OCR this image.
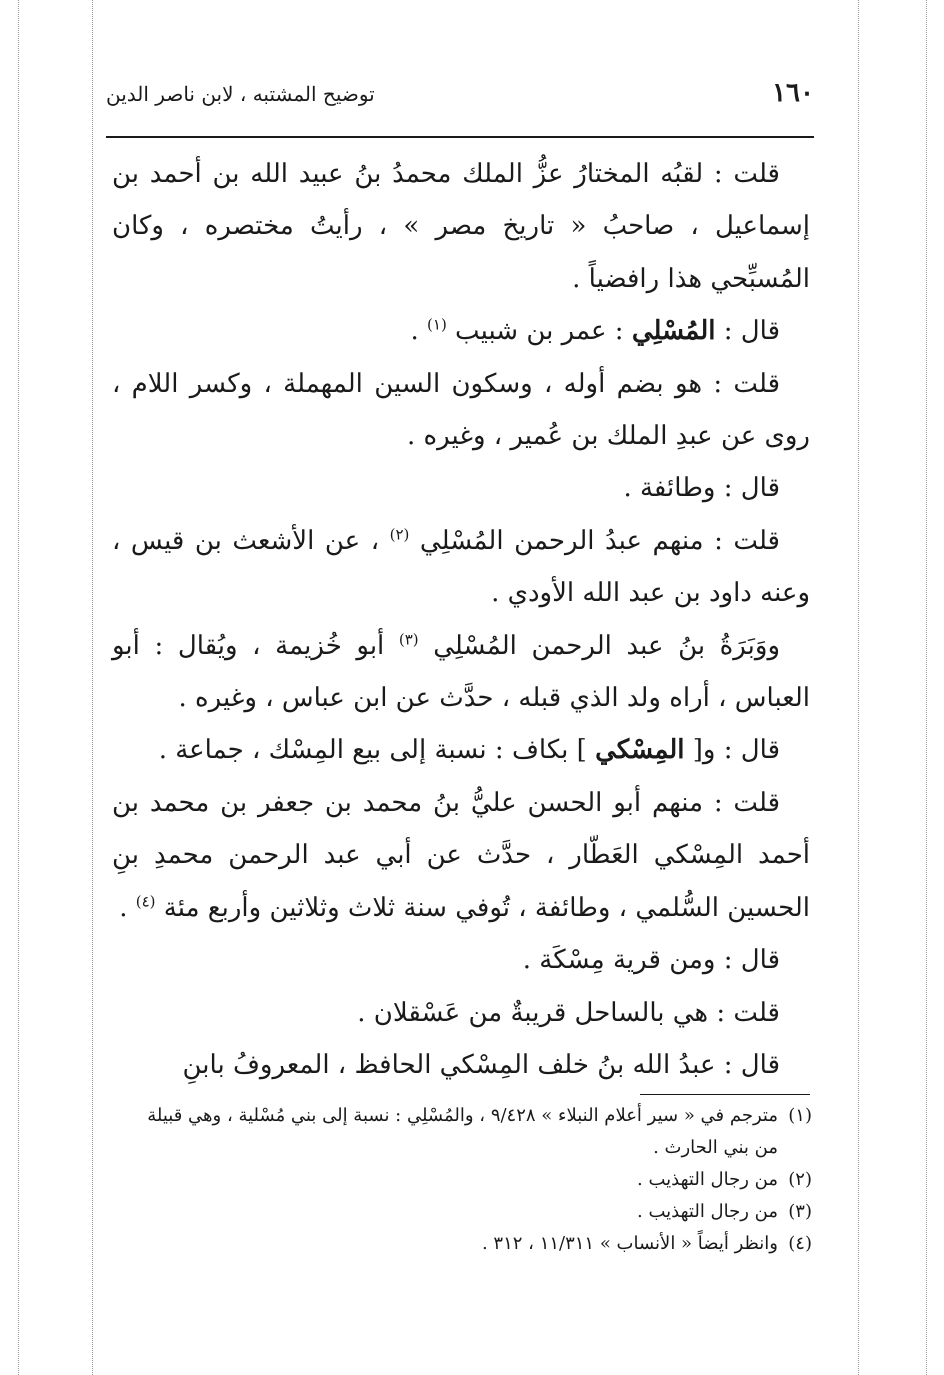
١٦٠
توضيح المشتبه ، لابن ناصر الدين

قلت : لقبُه المختارُ عزُّ الملك محمدُ بنُ عبيد الله بن أحمد بن إسماعيل ، صاحبُ « تاريخ مصر » ، رأيتُ مختصره ، وكان المُسبِّحي هذا رافضياً .

قال : المُسْلِي : عمر بن شبيب $^{(١)}$ .

قلت : هو بضم أوله ، وسكون السين المهملة ، وكسر اللام ، روى عن عبدِ الملك بن عُمير ، وغيره .

قال : وطائفة .

قلت : منهم عبدُ الرحمن المُسْلِي $^{(٢)}$ ، عن الأشعث بن قيس ، وعنه داود بن عبد الله الأودي .

ووَبَرَةُ بنُ عبد الرحمن المُسْلِي $^{(٣)}$ أبو خُزيمة ، ويُقال : أبو العباس ، أراه ولد الذي قبله ، حدَّث عن ابن عباس ، وغيره .

قال : و[ المِسْكي ] بكاف : نسبة إلى بيع المِسْك ، جماعة .

قلت : منهم أبو الحسن عليُّ بنُ محمد بن جعفر بن محمد بن أحمد المِسْكي العَطّار ، حدَّث عن أبي عبد الرحمن محمدِ بنِ الحسين السُّلمي ، وطائفة ، تُوفي سنة ثلاث وثلاثين وأربع مئة $^{(٤)}$ .

قال : ومن قرية مِسْكَة .

قلت : هي بالساحل قريبةٌ من عَسْقلان .

قال : عبدُ الله بنُ خلف المِسْكي الحافظ ، المعروفُ بابنِ

(١)مترجم في « سير أعلام النبلاء » ٩/٤٢٨ ، والمُسْلِي : نسبة إلى بني مُسْلية ، وهي قبيلة

من بني الحارث .

(٢)من رجال التهذيب .

(٣)من رجال التهذيب .

(٤)وانظر أيضاً « الأنساب » ١١/٣١١ ، ٣١٢ .
